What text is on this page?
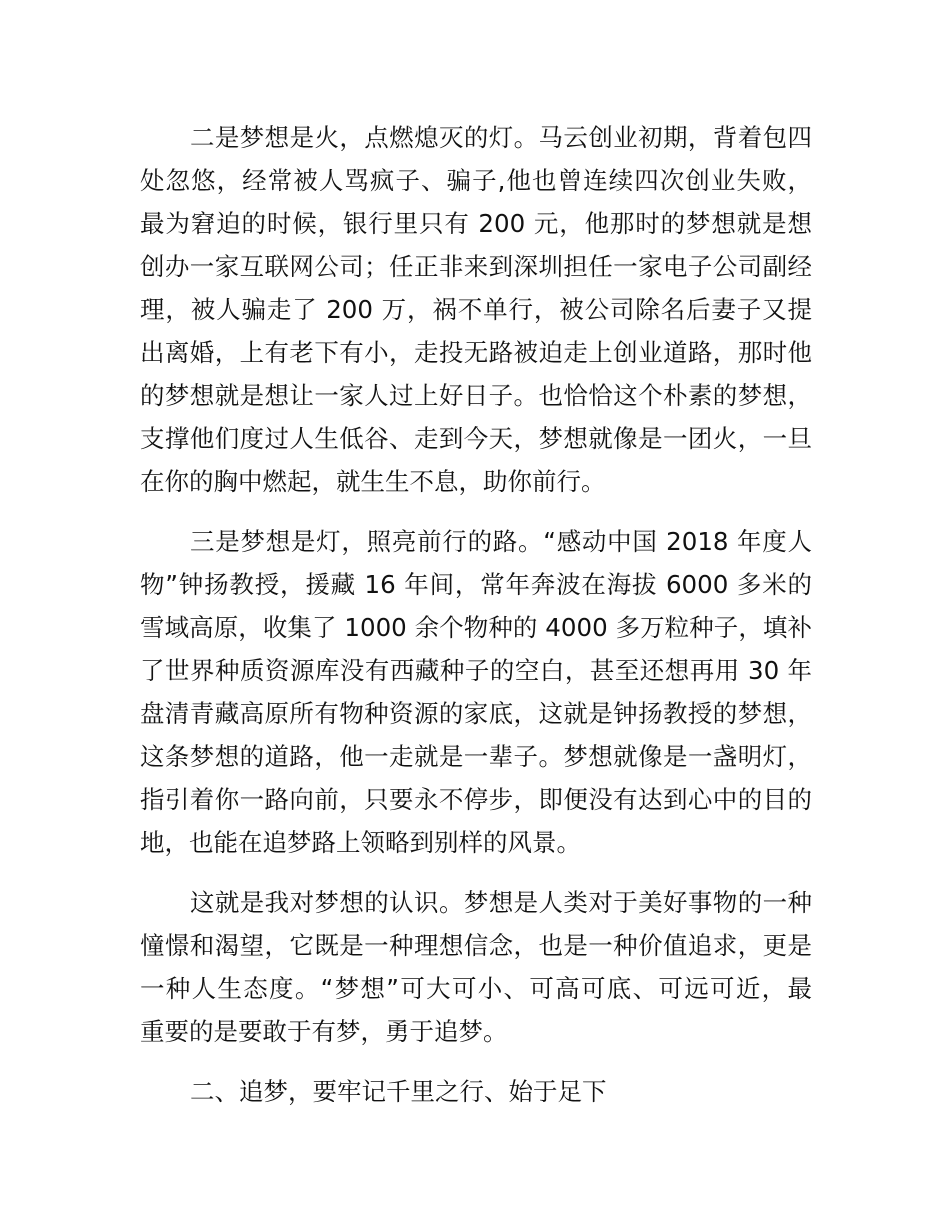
二是梦想是火，点燃熄灭的灯。马云创业初期，背着包四
处忽悠，经常被人骂疯子、骗子,他也曾连续四次创业失败，
最为窘迫的时候，银行里只有 200 元，他那时的梦想就是想
创办一家互联网公司；任正非来到深圳担任一家电子公司副经
理，被人骗走了 200 万，祸不单行，被公司除名后妻子又提
出离婚，上有老下有小，走投无路被迫走上创业道路，那时他
的梦想就是想让一家人过上好日子。也恰恰这个朴素的梦想，
支撑他们度过人生低谷、走到今天，梦想就像是一团火，一旦
在你的胸中燃起，就生生不息，助你前行。
三是梦想是灯，照亮前行的路。“感动中国 2018 年度人
物”钟扬教授，援藏 16 年间，常年奔波在海拔 6000 多米的
雪域高原，收集了 1000 余个物种的 4000 多万粒种子，填补
了世界种质资源库没有西藏种子的空白，甚至还想再用 30 年
盘清青藏高原所有物种资源的家底，这就是钟扬教授的梦想，
这条梦想的道路，他一走就是一辈子。梦想就像是一盏明灯，
指引着你一路向前，只要永不停步，即便没有达到心中的目的
地，也能在追梦路上领略到别样的风景。
这就是我对梦想的认识。梦想是人类对于美好事物的一种
憧憬和渴望，它既是一种理想信念，也是一种价值追求，更是
一种人生态度。“梦想”可大可小、可高可底、可远可近，最
重要的是要敢于有梦，勇于追梦。
二、追梦，要牢记千里之行、始于足下
